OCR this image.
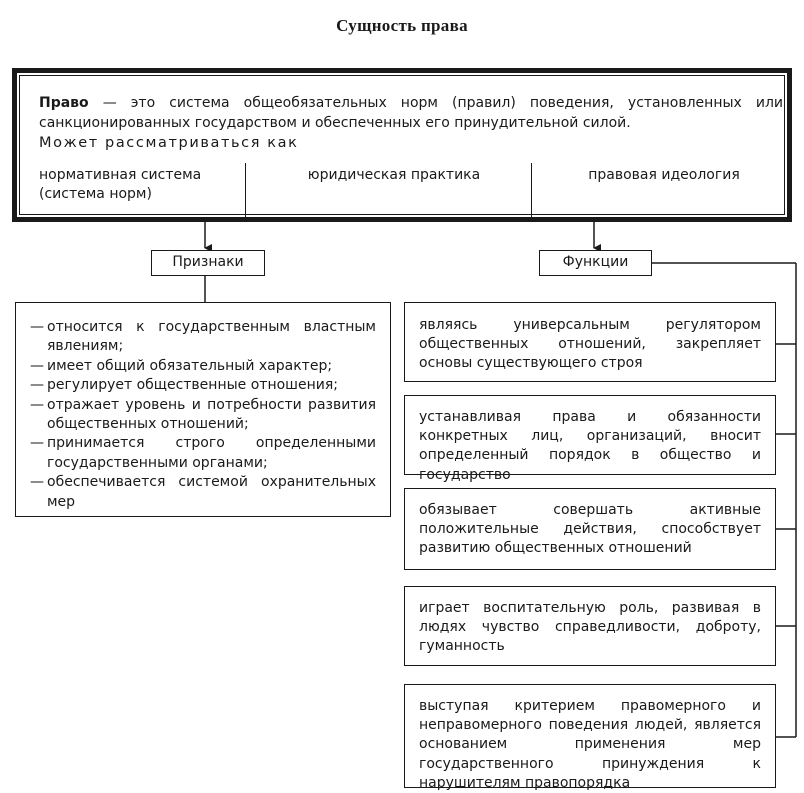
Сущность права
Право — это система общеобязательных норм (правил) поведения, установленных или санкционированных государством и обеспеченных его принудительной силой.
Может рассматриваться как
нормативная система (система норм)
юридическая практика	правовая идеология
Признаки	Функции
— относится к государственным властным явлениям;
— имеет общий обязательный характер;
— регулирует общественные отношения;
— отражает уровень и потребности развития общественных отношений;
— принимается строго определенными государственными органами;
— обеспечивается системой охранительных мер
являясь универсальным регулятором общественных отношений, закрепляет основы существующего строя
устанавливая права и обязанности конкретных лиц, организаций, вносит определенный порядок в общество и государство
обязывает совершать активные положительные действия, способствует развитию общественных отношений
играет воспитательную роль, развивая в людях чувство справедливости, доброту, гуманность
выступая критерием правомерного и неправомерного поведения людей, является основанием применения мер государственного принуждения к нарушителям правопорядка
